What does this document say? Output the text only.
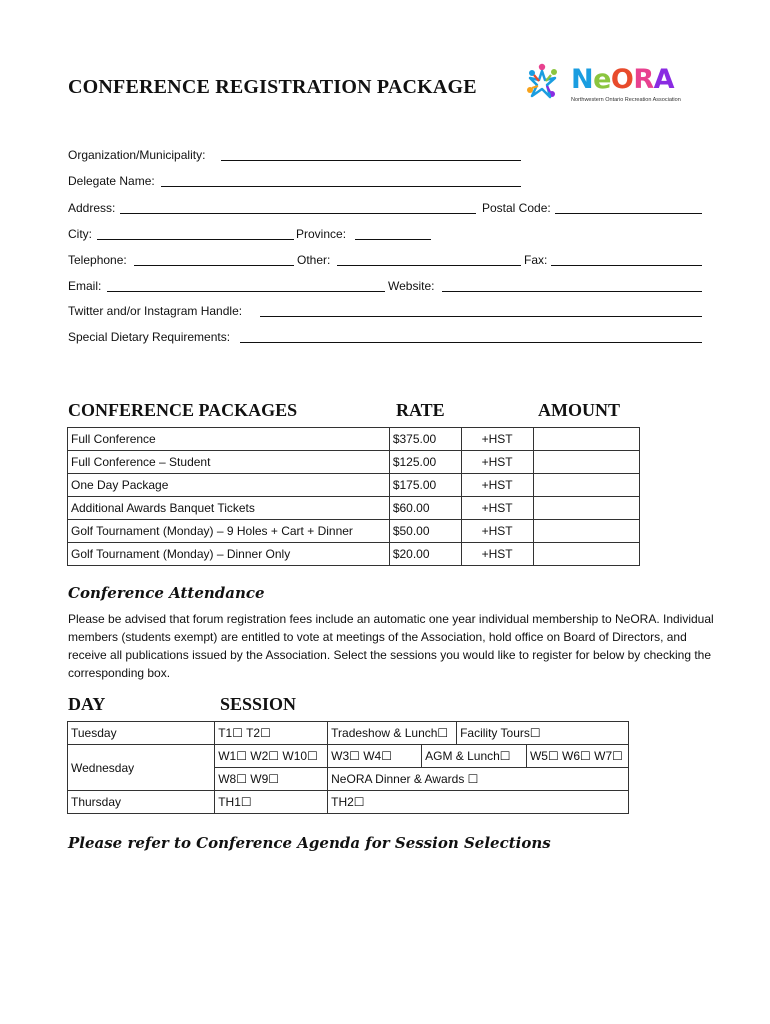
CONFERENCE REGISTRATION PACKAGE	NeORA
Northwestern Ontario Recreation Association
Organization/Municipality:
Delegate Name:
Address:	Postal Code:
City:	Province:
Telephone:	Other:	Fax:
Email:	Website:
Twitter and/or Instagram Handle:
Special Dietary Requirements:
CONFERENCE PACKAGES	RATE	AMOUNT
Full Conference	$375.00	+HST	
Full Conference – Student	$125.00	+HST	
One Day Package	$175.00	+HST	
Additional Awards Banquet Tickets	$60.00	+HST	
Golf Tournament (Monday) – 9 Holes + Cart + Dinner	$50.00	+HST	
Golf Tournament (Monday) – Dinner Only	$20.00	+HST	
Conference Attendance
Please be advised that forum registration fees include an automatic one year individual membership to NeORA. Individual members (students exempt) are entitled to vote at meetings of the Association, hold office on Board of Directors, and receive all publications issued by the Association. Select the sessions you would like to register for below by checking the corresponding box.
DAY	SESSION
Tuesday	T1☐ T2☐	Tradeshow & Lunch☐		Facility Tours☐	
Wednesday	W1☐ W2☐ W10☐	W3☐ W4☐	AGM & Lunch☐		W5☐ W6☐ W7☐
	W8☐ W9☐	NeORA Dinner & Awards ☐			
Thursday	TH1☐	TH2☐			
Please refer to Conference Agenda for Session Selections
